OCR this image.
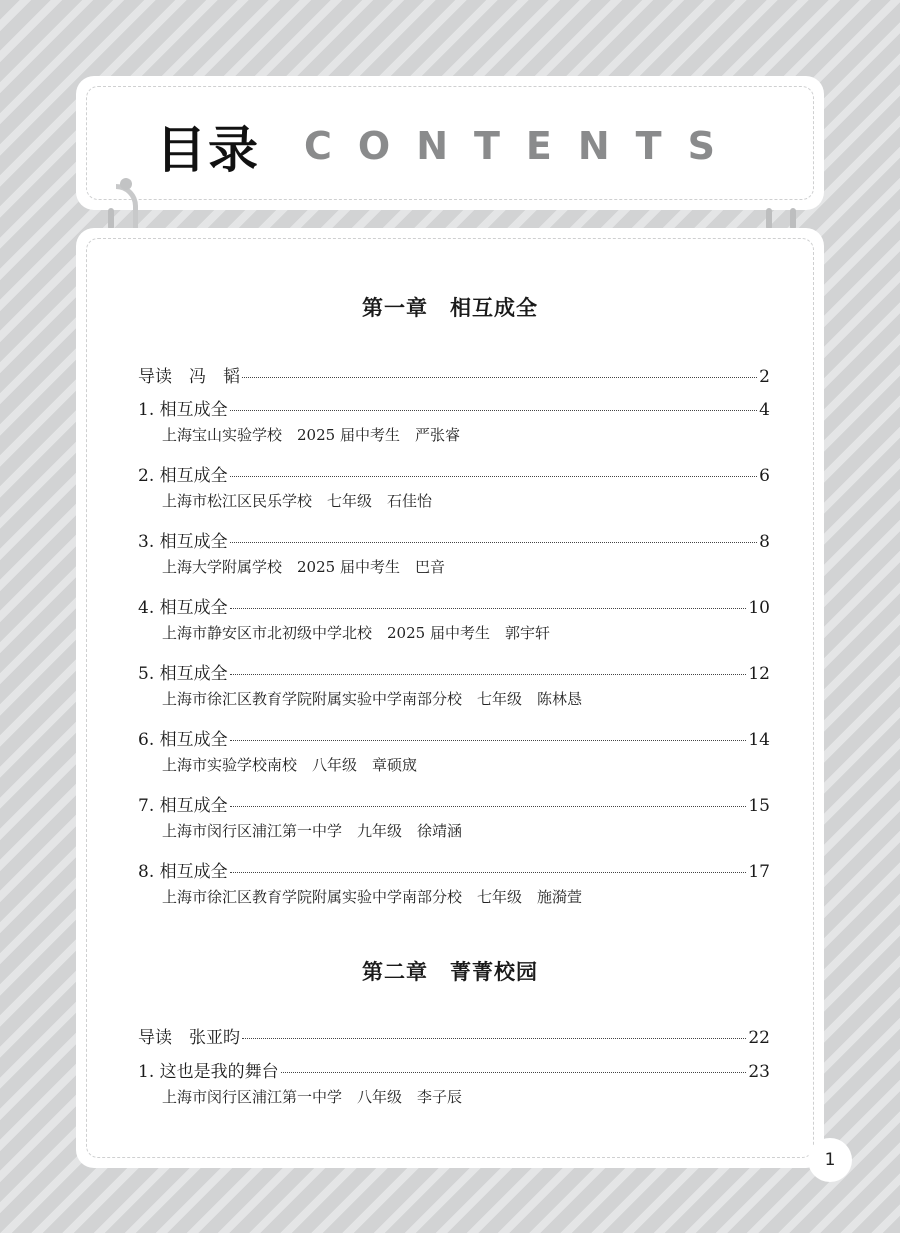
目录 CONTENTS
第一章　相互成全
导读　冯　韬	2
1. 相互成全	4
上海宝山实验学校　2025 届中考生　严张睿
2. 相互成全	6
上海市松江区民乐学校　七年级　石佳怡
3. 相互成全	8
上海大学附属学校　2025 届中考生　巴音
4. 相互成全	10
上海市静安区市北初级中学北校　2025 届中考生　郭宇轩
5. 相互成全	12
上海市徐汇区教育学院附属实验中学南部分校　七年级　陈林恳
6. 相互成全	14
上海市实验学校南校　八年级　章硕宬
7. 相互成全	15
上海市闵行区浦江第一中学　九年级　徐靖涵
8. 相互成全	17
上海市徐汇区教育学院附属实验中学南部分校　七年级　施漪萱
第二章　菁菁校园
导读　张亚昀	22
1. 这也是我的舞台	23
上海市闵行区浦江第一中学　八年级　李子辰
1
